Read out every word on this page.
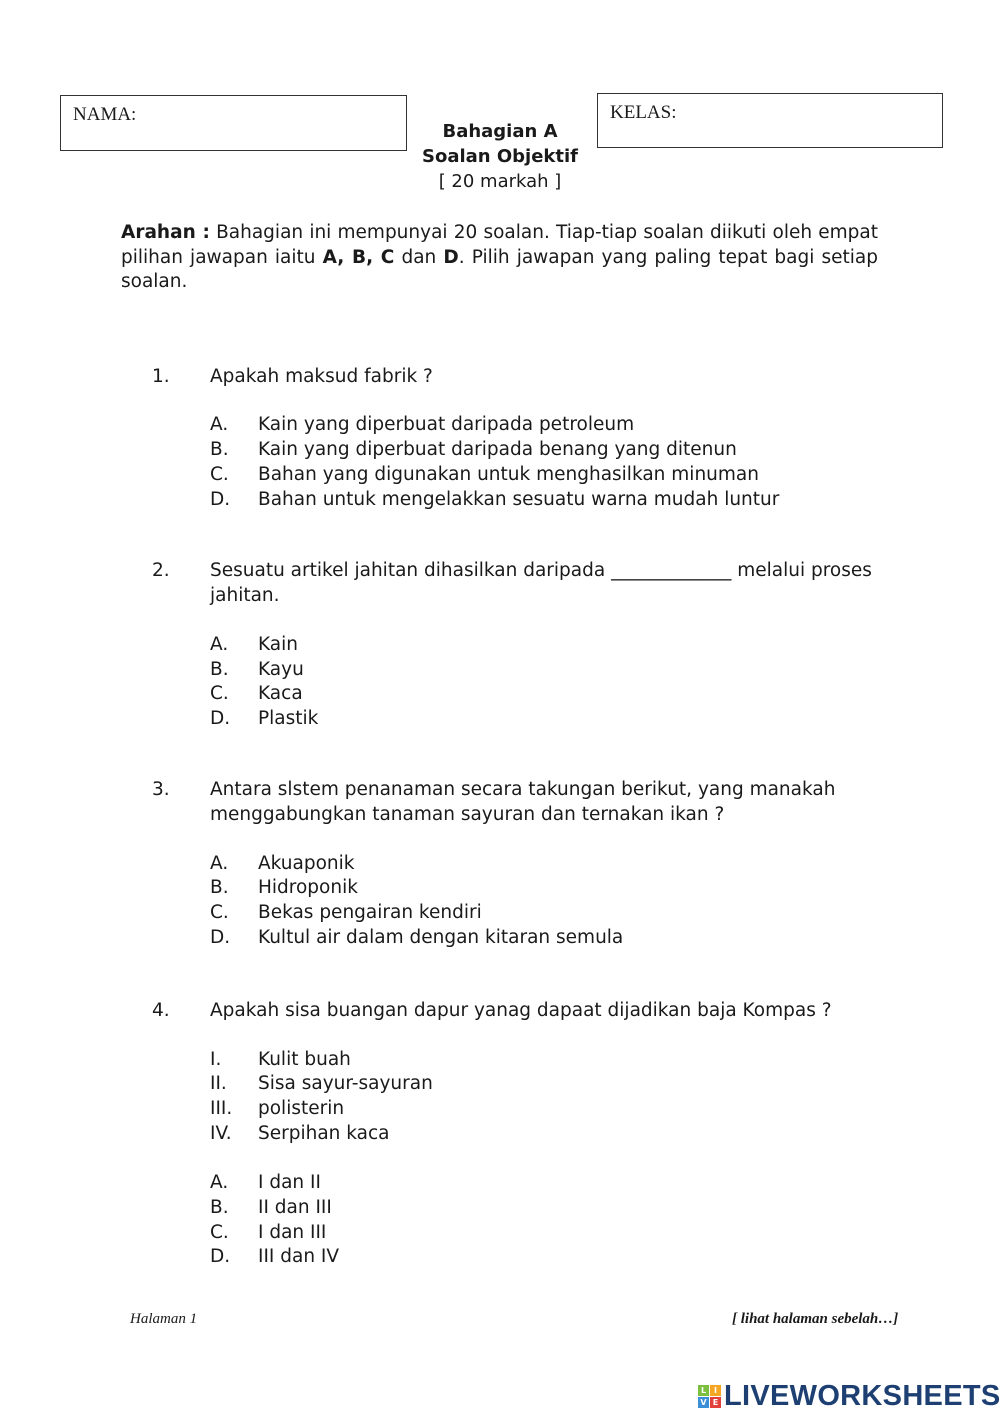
NAMA:	KELAS:
Bahagian A
Soalan Objektif
[ 20 markah ]
Arahan : Bahagian ini mempunyai 20 soalan. Tiap-tiap soalan diikuti oleh empat pilihan jawapan iaitu A, B, C dan D. Pilih jawapan yang paling tepat bagi setiap soalan.
1. Apakah maksud fabrik ?
A. Kain yang diperbuat daripada petroleum
B. Kain yang diperbuat daripada benang yang ditenun
C. Bahan yang digunakan untuk menghasilkan minuman
D. Bahan untuk mengelakkan sesuatu warna mudah luntur
2. Sesuatu artikel jahitan dihasilkan daripada _____________ melalui proses
jahitan.
A. Kain
B. Kayu
C. Kaca
D. Plastik
3. Antara slstem penanaman secara takungan berikut, yang manakah
menggabungkan tanaman sayuran dan ternakan ikan ?
A. Akuaponik
B. Hidroponik
C. Bekas pengairan kendiri
D. Kultul air dalam dengan kitaran semula
4. Apakah sisa buangan dapur yanag dapaat dijadikan baja Kompas ?
I. Kulit buah
II. Sisa sayur-sayuran
III. polisterin
IV. Serpihan kaca
A. I dan II
B. II dan III
C. I dan III
D. III dan IV
Halaman 1	[ lihat halaman sebelah…]
L I
V E LIVEWORKSHEETS
